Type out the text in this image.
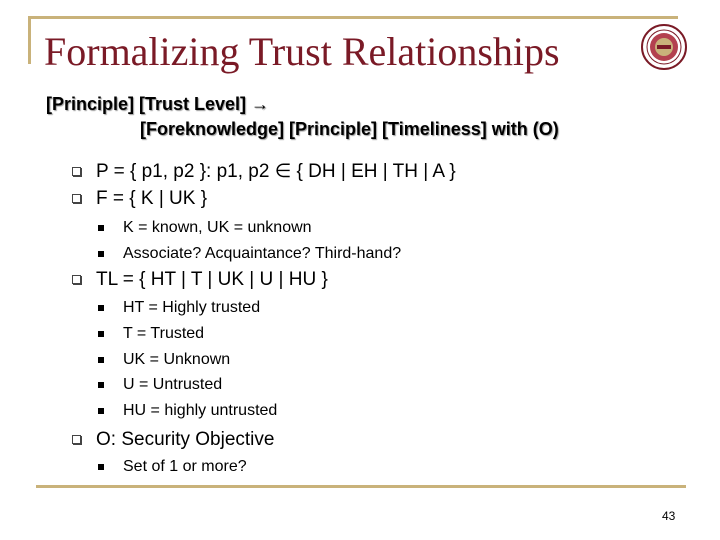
Formalizing Trust Relationships
[Principle] [Trust Level] →
[Foreknowledge] [Principle] [Timeliness] with (O)
P = { p1, p2 }: p1, p2 ∈ { DH | EH | TH | A }
F = { K | UK }
K = known, UK = unknown
Associate? Acquaintance? Third-hand?
TL = { HT | T | UK | U | HU }
HT = Highly trusted
T = Trusted
UK = Unknown
U = Untrusted
HU = highly untrusted
O: Security Objective
Set of 1 or more?
43
